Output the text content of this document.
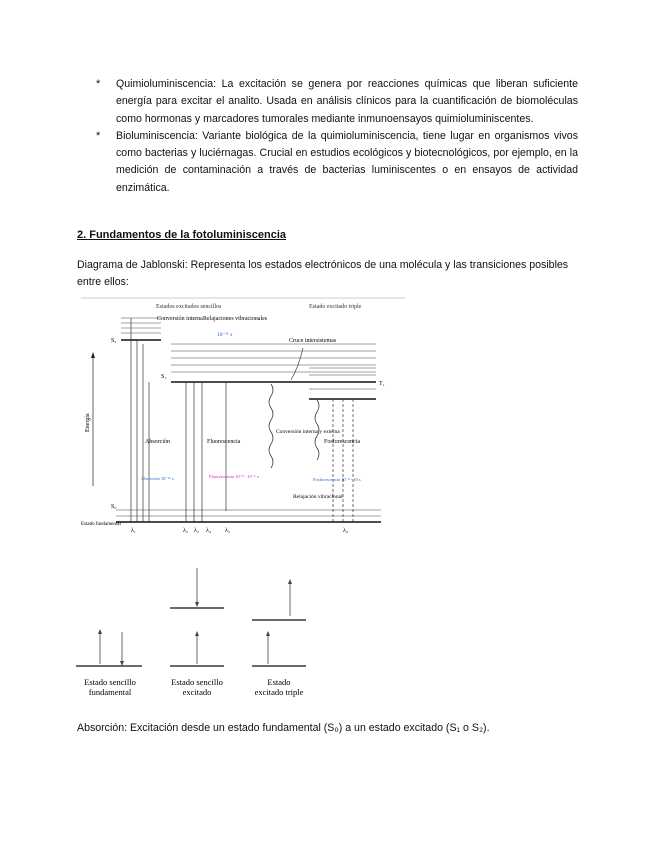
* Quimioluminiscencia: La excitación se genera por reacciones químicas que liberan suficiente energía para excitar el analito. Usada en análisis clínicos para la cuantificación de biomoléculas como hormonas y marcadores tumorales mediante inmunoensayos quimioluminiscentes.
* Bioluminiscencia: Variante biológica de la quimioluminiscencia, tiene lugar en organismos vivos como bacterias y luciérnagas. Crucial en estudios ecológicos y biotecnológicos, por ejemplo, en la medición de contaminación a través de bacterias luminiscentes o en ensayos de actividad enzimática.
2. Fundamentos de la fotoluminiscencia
Diagrama de Jablonski: Representa los estados electrónicos de una molécula y las transiciones posibles entre ellos:
Estados excitados sencillos	Estado excitado triple
S₂
S₁
T₁
Conversión interna Relajaciones vibracionales
10⁻¹¹ s
Cruce intersistemas
Energía
Absorción
Absorción 10⁻¹⁵ s
Fluorescencia
Fluorescencia 10⁻⁸ - 10⁻⁶ s
Conversión interna y externa
Fosforescencia
Fosforescencia 10⁻⁴ - 10 s
S₀
Estado fundamental
Relajación vibracional
λ₁	λ₃ λ₂ λ₄ λ₃	λ₄
Estado sencillo
fundamental
Estado sencillo
excitado
Estado
excitado triple
Absorción: Excitación desde un estado fundamental (S₀) a un estado excitado (S₁ o S₂).
